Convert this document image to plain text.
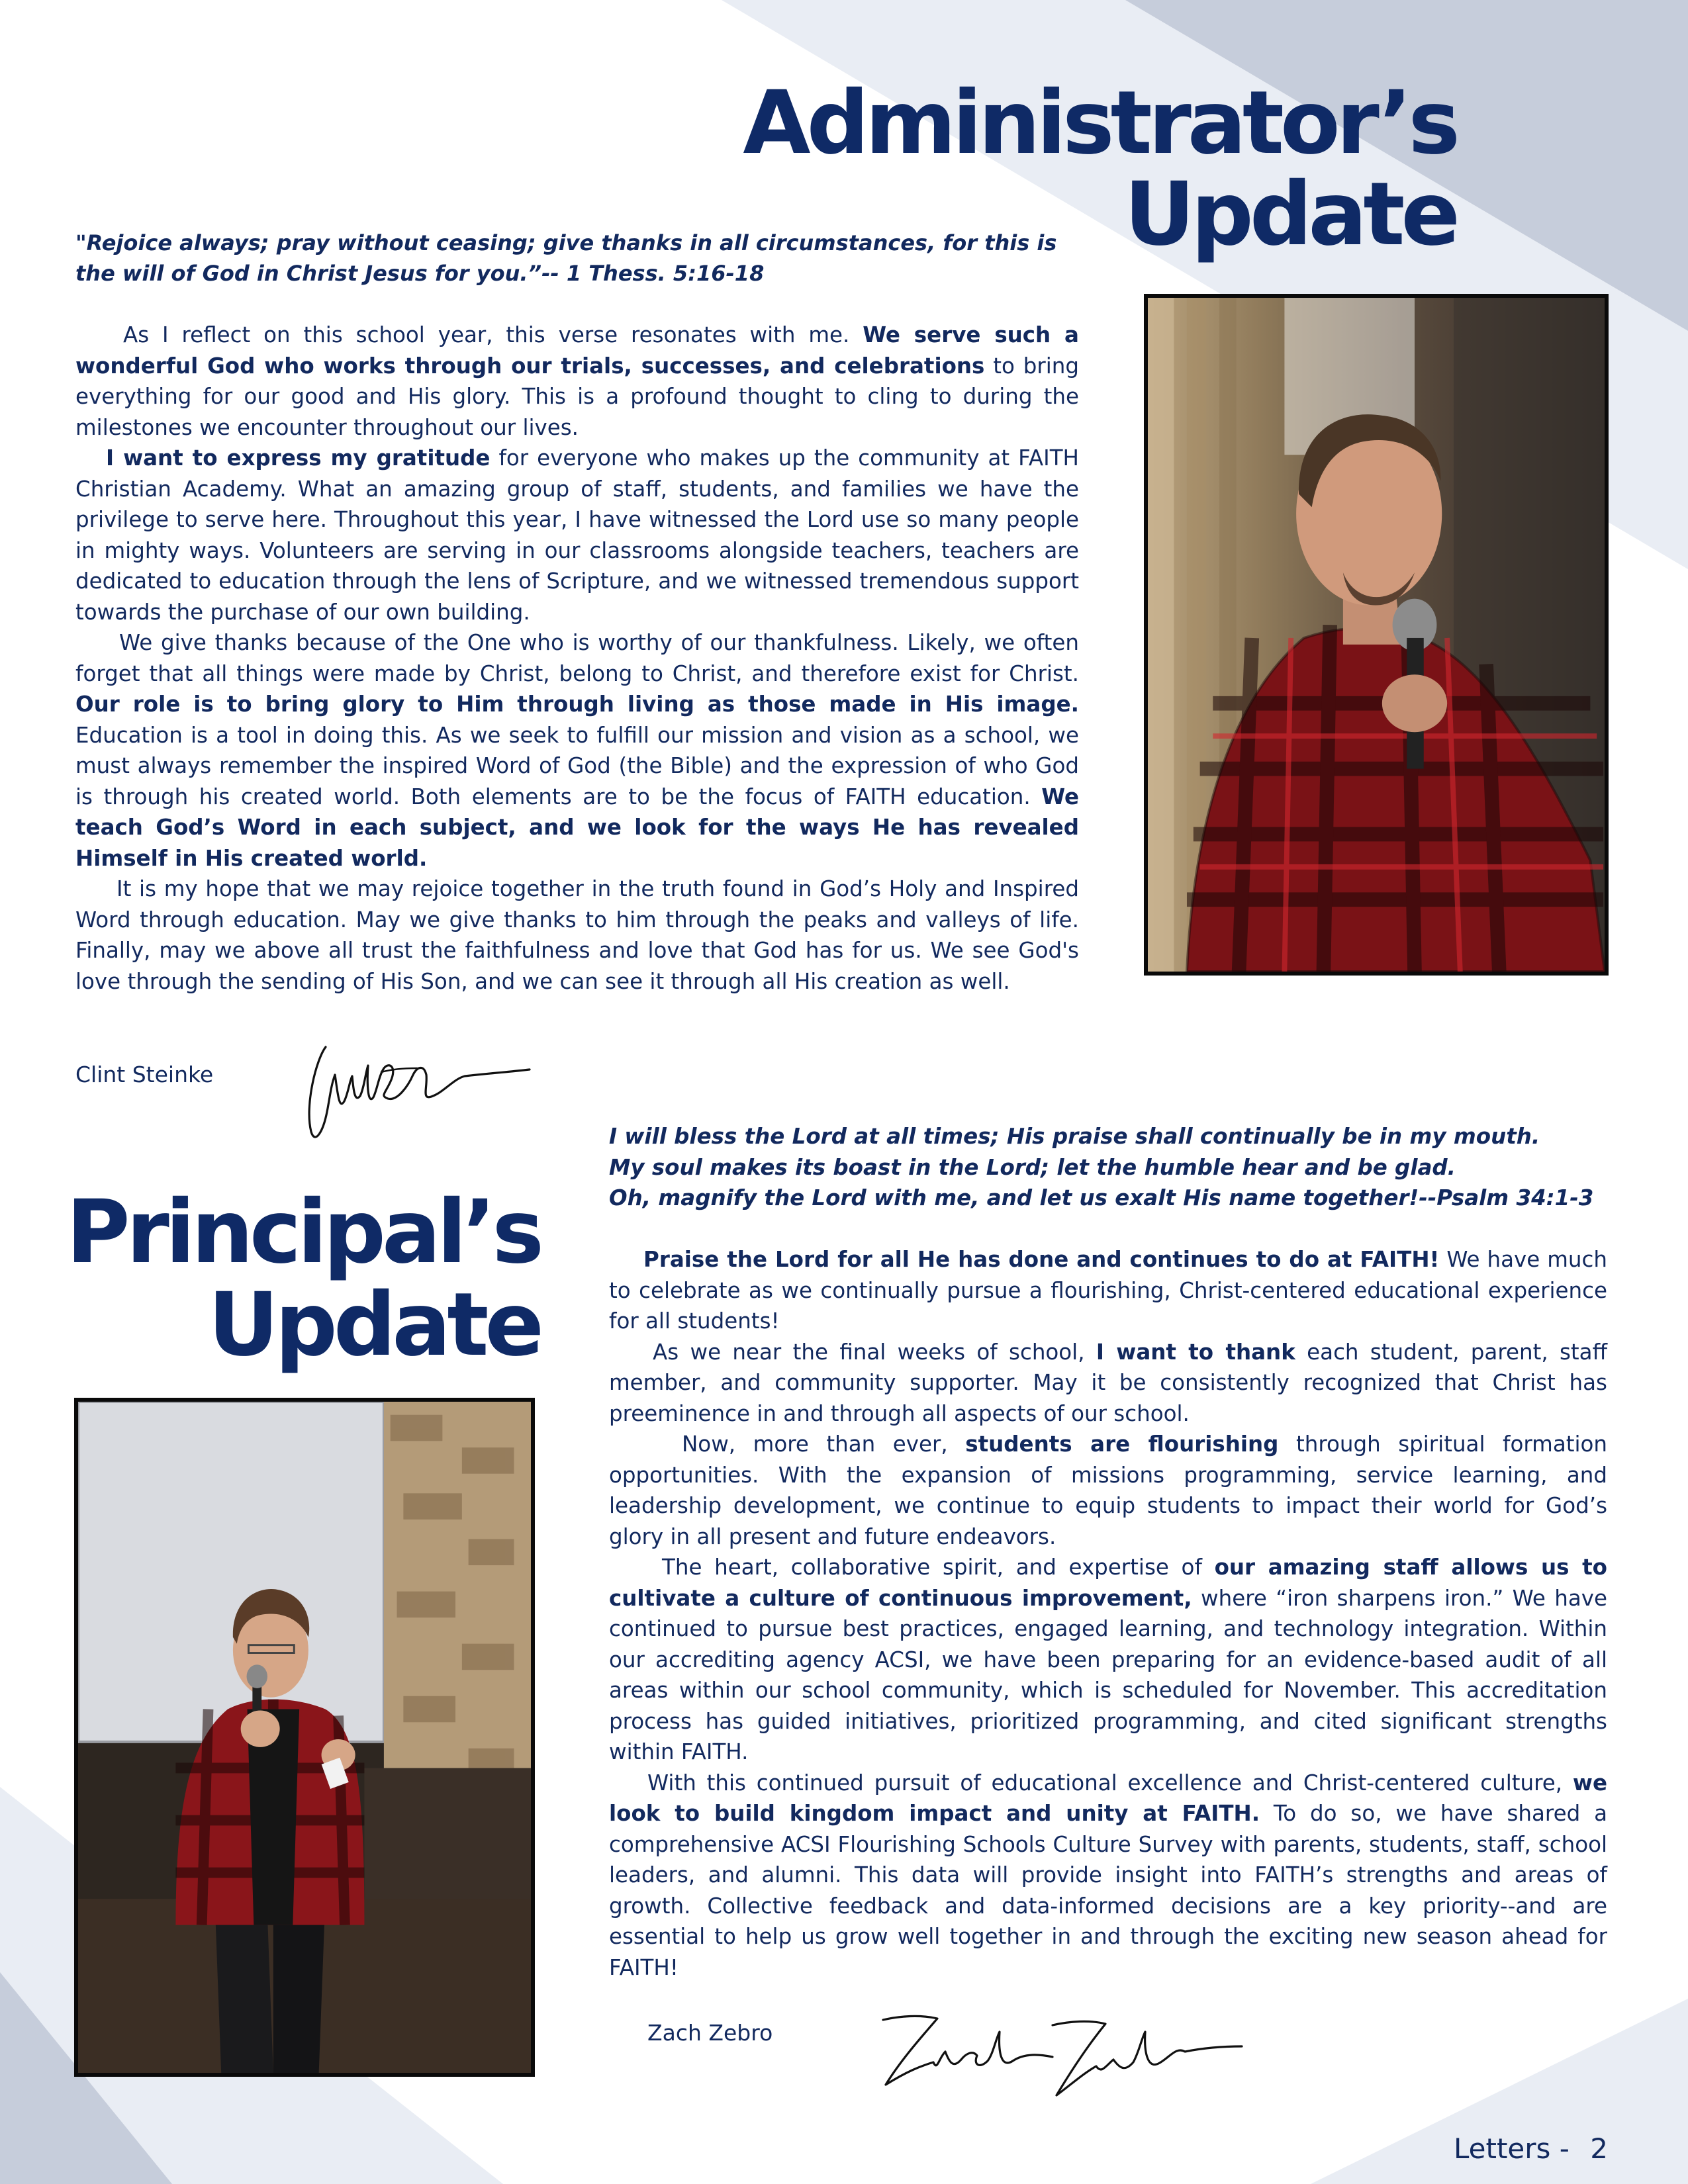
Administrator’s
Update
"Rejoice always; pray without ceasing; give thanks in all circumstances, for this is
the will of God in Christ Jesus for you.”-- 1 Thess. 5:16-18

As I reflect on this school year, this verse resonates with me. We serve such a wonderful God who works through our trials, successes, and celebrations to bring everything for our good and His glory. This is a profound thought to cling to during the milestones we encounter throughout our lives.

I want to express my gratitude for everyone who makes up the community at FAITH Christian Academy. What an amazing group of staff, students, and families we have the privilege to serve here. Throughout this year, I have witnessed the Lord use so many people in mighty ways. Volunteers are serving in our classrooms alongside teachers, teachers are dedicated to education through the lens of Scripture, and we witnessed tremendous support towards the purchase of our own building.

We give thanks because of the One who is worthy of our thankfulness. Likely, we often forget that all things were made by Christ, belong to Christ, and therefore exist for Christ. Our role is to bring glory to Him through living as those made in His image. Education is a tool in doing this. As we seek to fulfill our mission and vision as a school, we must always remember the inspired Word of God (the Bible) and the expression of who God is through his created world. Both elements are to be the focus of FAITH education. We teach God’s Word in each subject, and we look for the ways He has revealed Himself in His created world.

It is my hope that we may rejoice together in the truth found in God’s Holy and Inspired Word through education. May we give thanks to him through the peaks and valleys of life. Finally, may we above all trust the faithfulness and love that God has for us. We see God's love through the sending of His Son, and we can see it through all His creation as well.

Clint Steinke
Principal’s
Update
I will bless the Lord at all times; His praise shall continually be in my mouth.
My soul makes its boast in the Lord; let the humble hear and be glad.
Oh, magnify the Lord with me, and let us exalt His name together!--Psalm 34:1-3

Praise the Lord for all He has done and continues to do at FAITH! We have much to celebrate as we continually pursue a flourishing, Christ-centered educational experience for all students!

As we near the final weeks of school, I want to thank each student, parent, staff member, and community supporter. May it be consistently recognized that Christ has preeminence in and through all aspects of our school.

Now, more than ever, students are flourishing through spiritual formation opportunities. With the expansion of missions programming, service learning, and leadership development, we continue to equip students to impact their world for God’s glory in all present and future endeavors.

The heart, collaborative spirit, and expertise of our amazing staff allows us to cultivate a culture of continuous improvement, where “iron sharpens iron.” We have continued to pursue best practices, engaged learning, and technology integration. Within our accrediting agency ACSI, we have been preparing for an evidence-based audit of all areas within our school community, which is scheduled for November. This accreditation process has guided initiatives, prioritized programming, and cited significant strengths within FAITH.

With this continued pursuit of educational excellence and Christ-centered culture, we look to build kingdom impact and unity at FAITH. To do so, we have shared a comprehensive ACSI Flourishing Schools Culture Survey with parents, students, staff, school leaders, and alumni. This data will provide insight into FAITH’s strengths and areas of growth. Collective feedback and data-informed decisions are a key priority--and are essential to help us grow well together in and through the exciting new season ahead for FAITH!

Zach Zebro
Letters - 2
